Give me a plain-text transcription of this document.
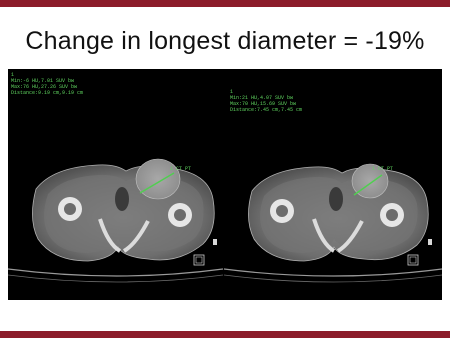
Change in longest diameter = -19%
1
Min:-6 HU,7.01 SUV bw
Max:76 HU,27.26 SUV bw
Distance:9.19 cm,9.19 cm
1 CT PT
1
Min:21 HU,4.07 SUV bw
Max:70 HU,15.69 SUV bw
Distance:7.45 cm,7.45 cm
1 CT PT
